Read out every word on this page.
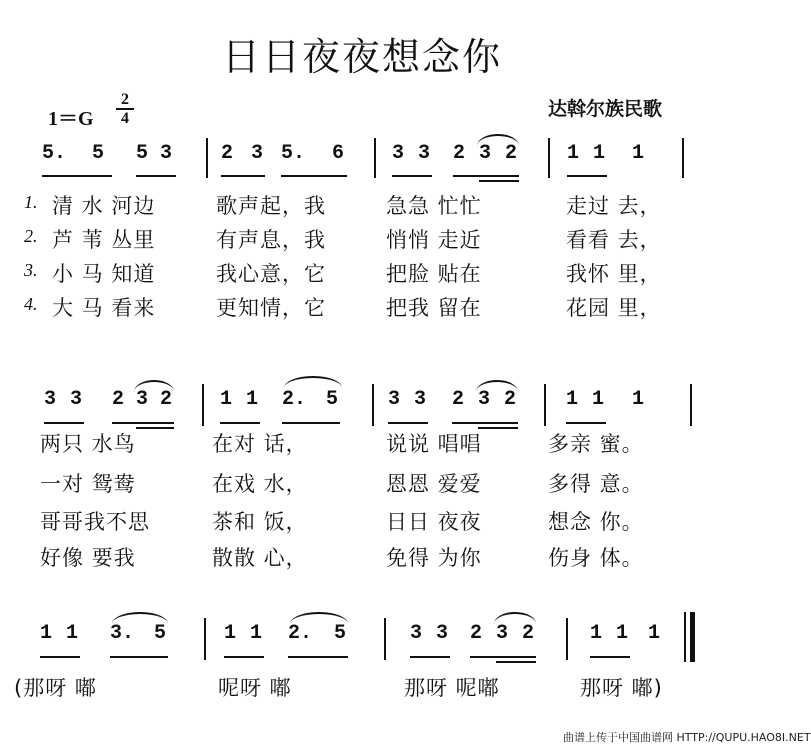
日日夜夜想念你
达斡尔族民歌
1＝G
2
4
5. 5 5 3 2 3 5. 6 3 3 2 3 2 1 1 1
1. 清 水 河边	歌声起，我	急急 忙忙	走过 去，
2. 芦 苇 丛里	有声息，我	悄悄 走近	看看 去，
3. 小 马 知道	我心意，它	把脸 贴在	我怀 里，
4. 大 马 看来	更知情，它	把我 留在	花园 里，
3 3 2 3 2 1 1 2. 5 3 3 2 3 2 1 1 1
两只 水鸟	在对 话，	说说 唱唱	多亲 蜜。
一对 鸳鸯	在戏 水，	恩恩 爱爱	多得 意。
哥哥我不思	茶和 饭，	日日 夜夜	想念 你。
好像 要我	散散 心，	免得 为你	伤身 体。
1 1 3. 5	1 1 2. 5	3 3 2 3 2	1 1 1
(那呀 嘟	呢呀 嘟	那呀 呢嘟	那呀 嘟)
曲谱上传于中国曲谱网 HTTP://QUPU.HAO8I.NET
